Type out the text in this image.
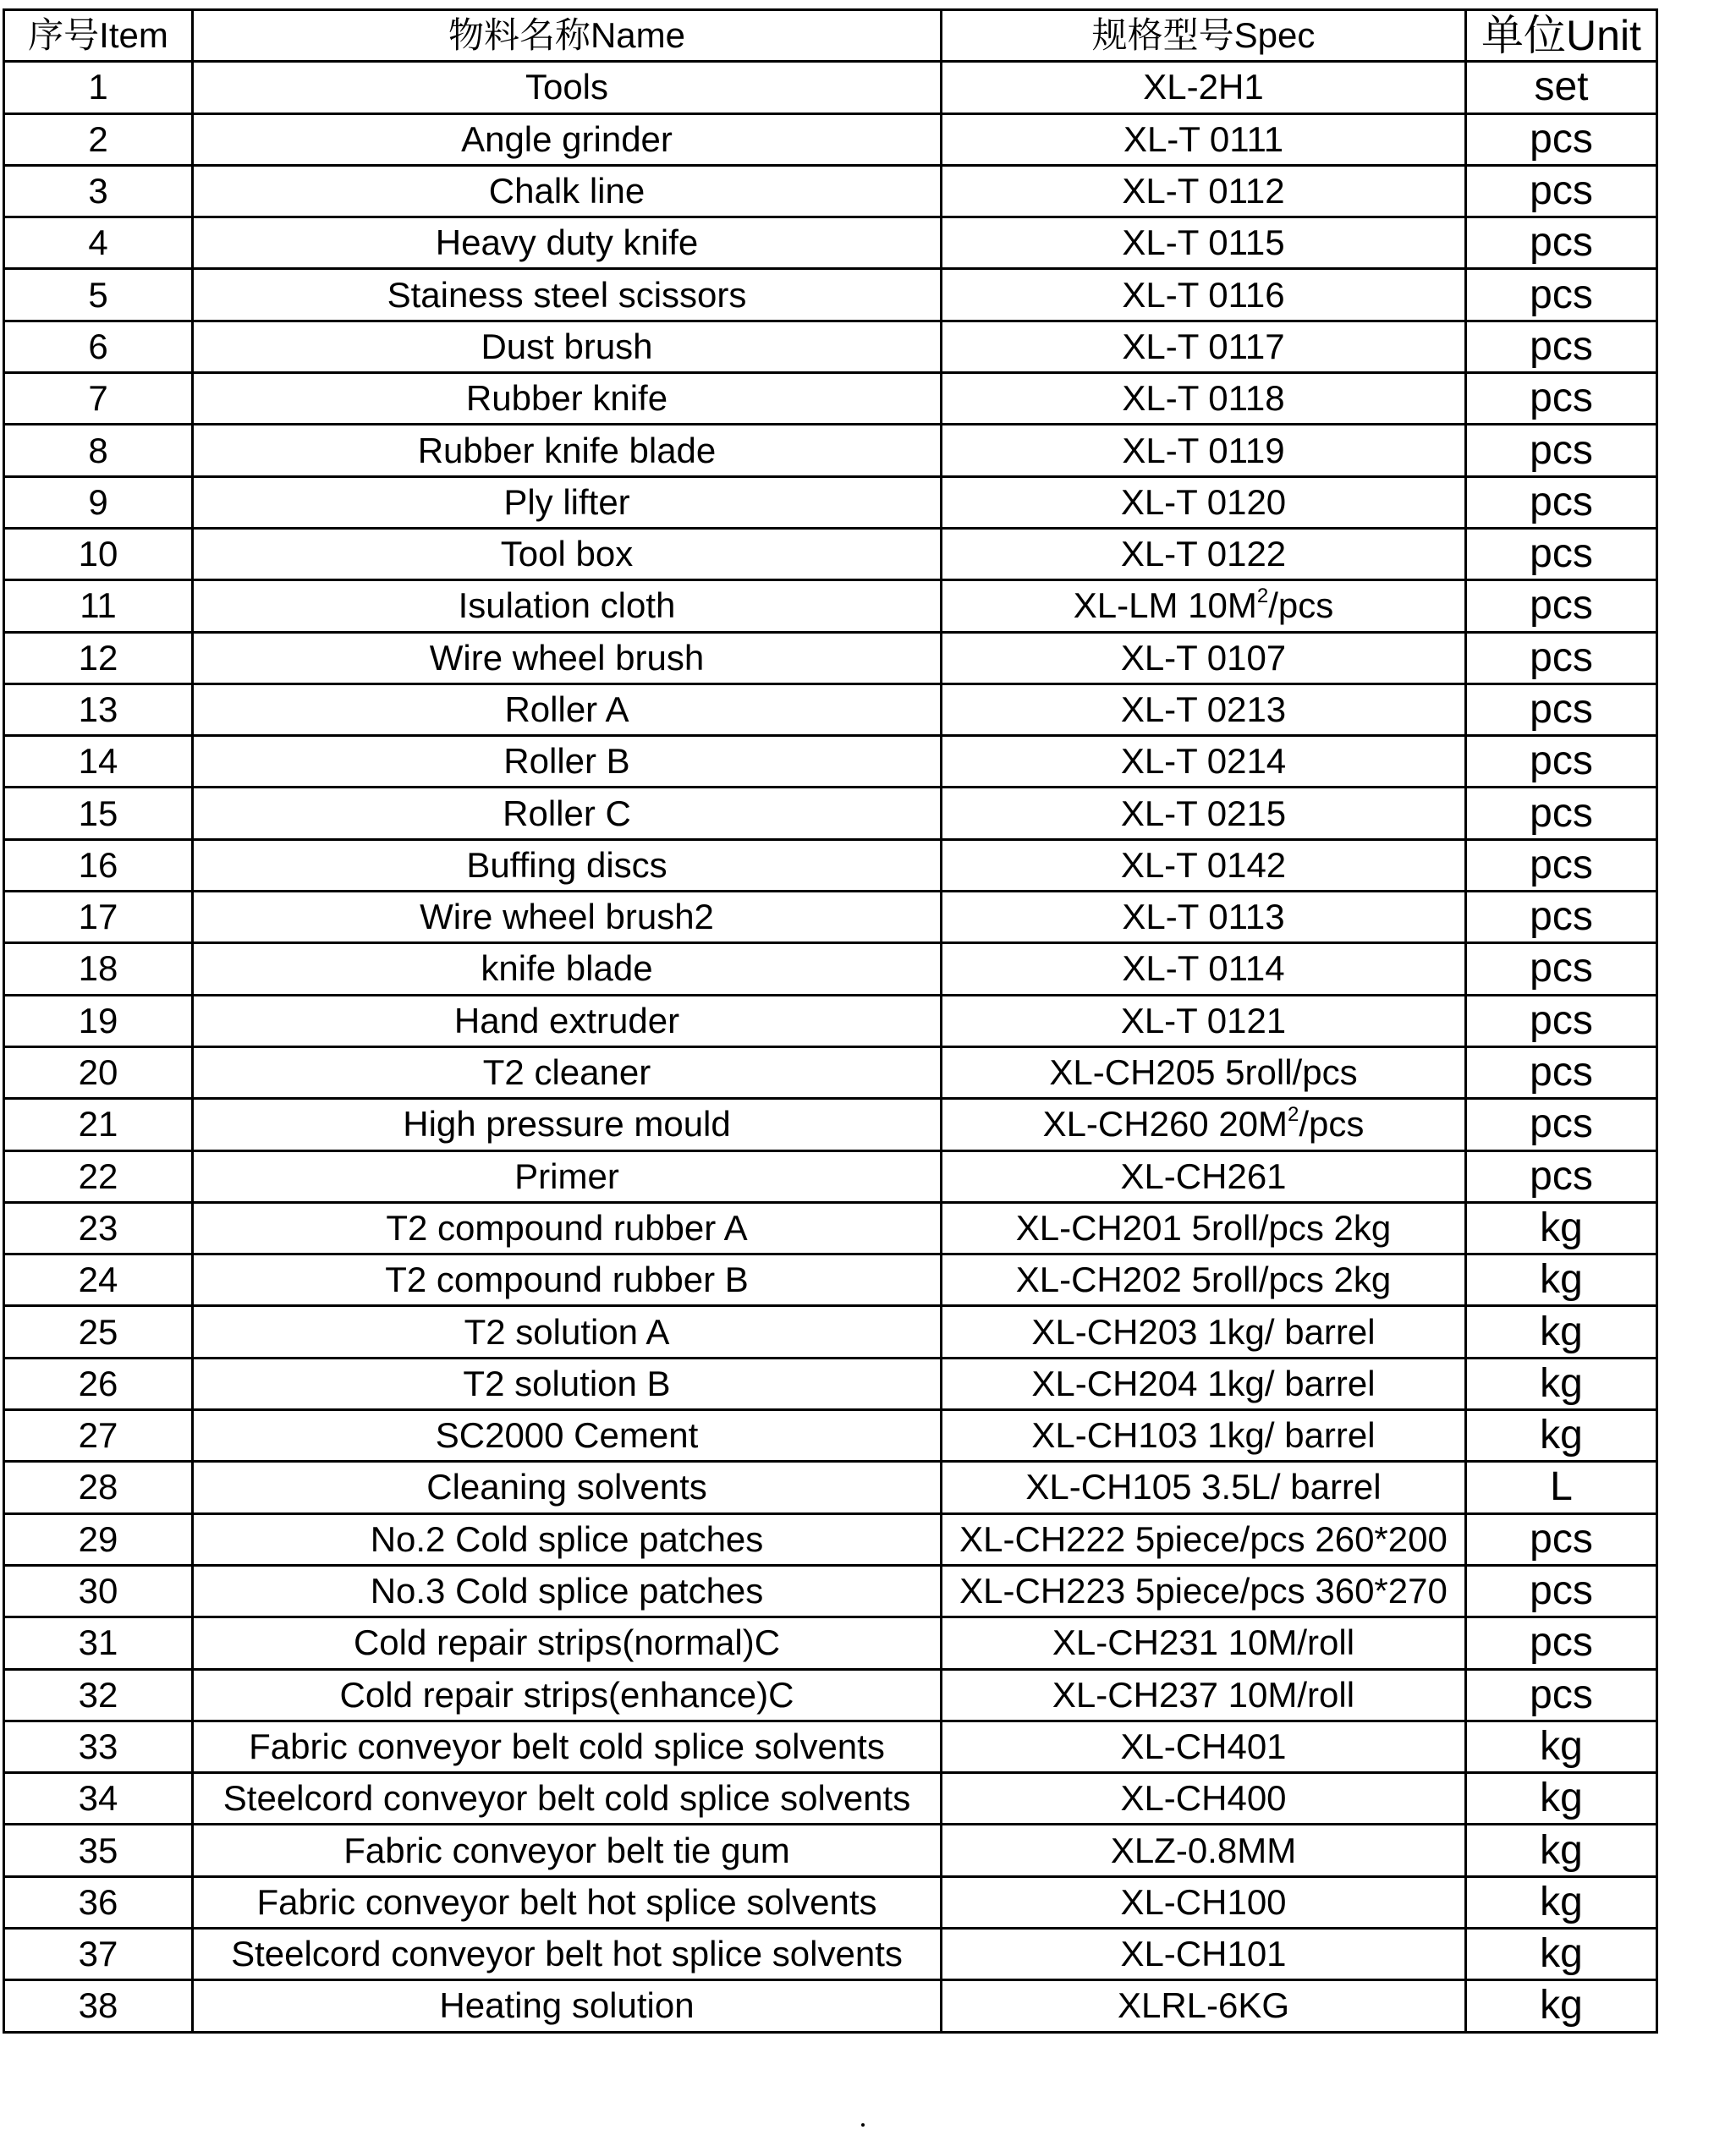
序号Item	物料名称Name	规格型号Spec	单位Unit
1	Tools	XL-2H1	set
2	Angle grinder	XL-T 0111	pcs
3	Chalk line	XL-T 0112	pcs
4	Heavy duty knife	XL-T 0115	pcs
5	Stainess steel scissors	XL-T 0116	pcs
6	Dust brush	XL-T 0117	pcs
7	Rubber knife	XL-T 0118	pcs
8	Rubber knife blade	XL-T 0119	pcs
9	Ply lifter	XL-T 0120	pcs
10	Tool box	XL-T 0122	pcs
11	Isulation cloth	XL-LM $10M^2$/pcs	pcs
12	Wire wheel brush	XL-T 0107	pcs
13	Roller A	XL-T 0213	pcs
14	Roller B	XL-T 0214	pcs
15	Roller C	XL-T 0215	pcs
16	Buffing discs	XL-T 0142	pcs
17	Wire wheel brush2	XL-T 0113	pcs
18	knife blade	XL-T 0114	pcs
19	Hand extruder	XL-T 0121	pcs
20	T2 cleaner	XL-CH205 5roll/pcs	pcs
21	High pressure mould	XL-CH260 $20M^2$/pcs	pcs
22	Primer	XL-CH261	pcs
23	T2 compound rubber A	XL-CH201 5roll/pcs 2kg	kg
24	T2 compound rubber B	XL-CH202 5roll/pcs 2kg	kg
25	T2 solution A	XL-CH203 1kg/ barrel	kg
26	T2 solution B	XL-CH204 1kg/ barrel	kg
27	SC2000 Cement	XL-CH103 1kg/ barrel	kg
28	Cleaning solvents	XL-CH105 3.5L/ barrel	L
29	No.2 Cold splice patches	XL-CH222 5piece/pcs 260*200	pcs
30	No.3 Cold splice patches	XL-CH223 5piece/pcs 360*270	pcs
31	Cold repair strips(normal)C	XL-CH231 10M/roll	pcs
32	Cold repair strips(enhance)C	XL-CH237 10M/roll	pcs
33	Fabric conveyor belt cold splice solvents	XL-CH401	kg
34	Steelcord conveyor belt cold splice solvents	XL-CH400	kg
35	Fabric conveyor belt tie gum	XLZ-0.8MM	kg
36	Fabric conveyor belt hot splice solvents	XL-CH100	kg
37	Steelcord conveyor belt hot splice solvents	XL-CH101	kg
38	Heating solution	XLRL-6KG	kg
